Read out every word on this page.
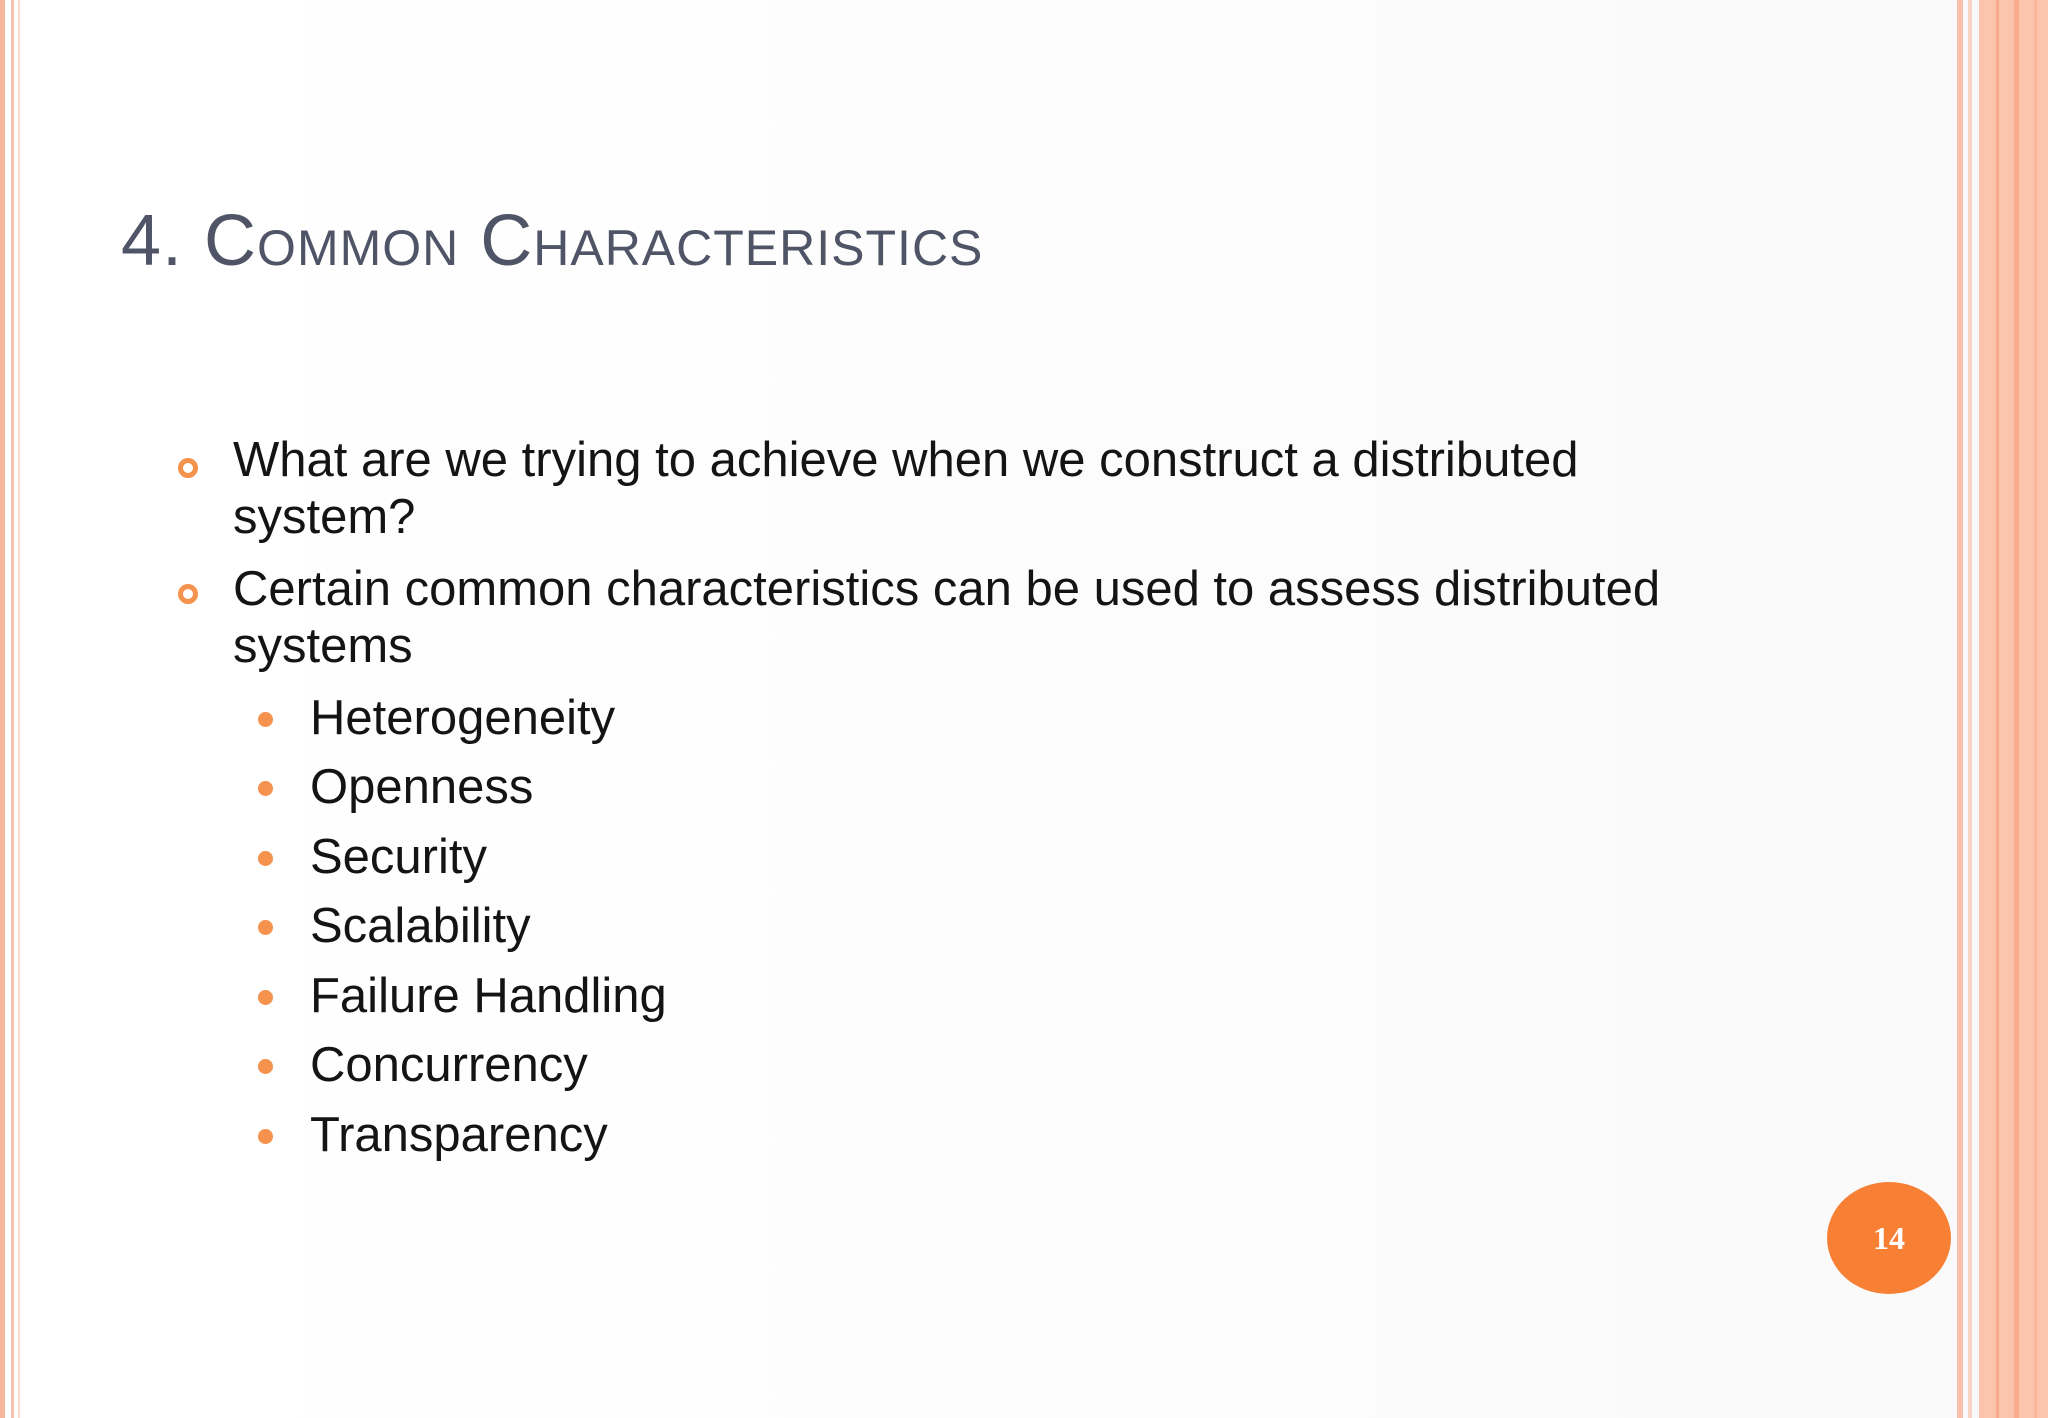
4. Common Characteristics
What are we trying to achieve when we construct a distributed system?
Certain common characteristics can be used to assess distributed systems
Heterogeneity
Openness
Security
Scalability
Failure Handling
Concurrency
Transparency
14
